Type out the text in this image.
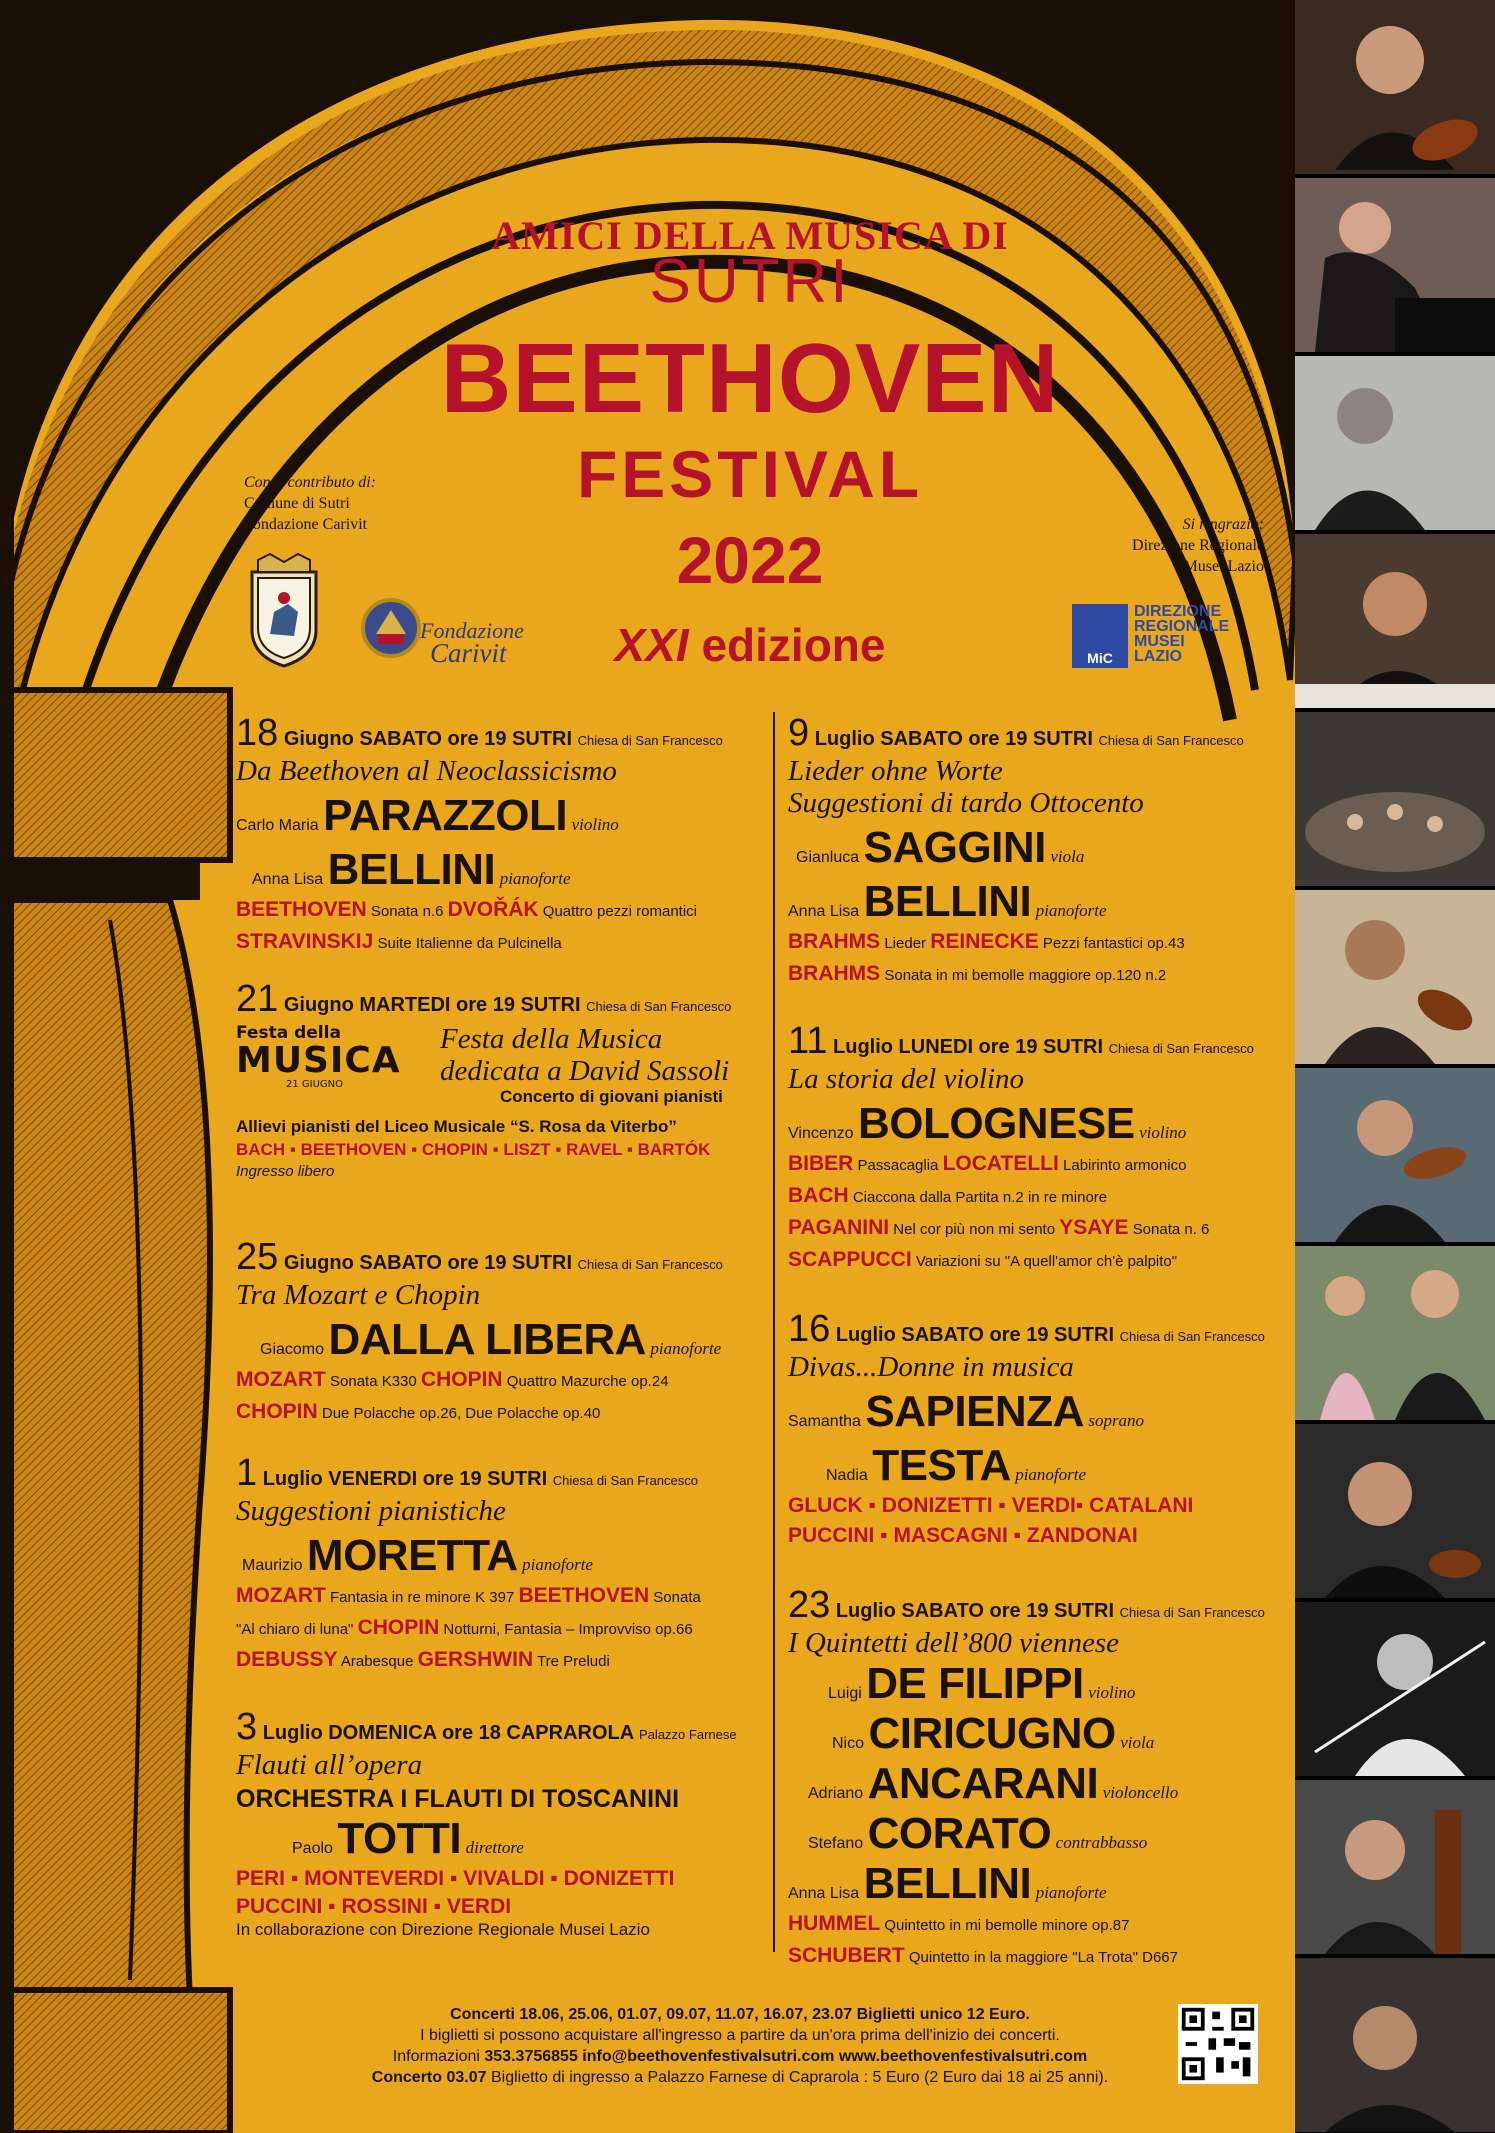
AMICI DELLA MUSICA DI
SUTRI
BEETHOVEN
FESTIVAL
2022
XXI edizione
Con il contributo di:
Comune di Sutri
Fondazione Carivit
Fondazione
Carivit
Si ringrazia:
Direzione Regionale
Musei Lazio
MiC
DIREZIONE
REGIONALE
MUSEI
LAZIO
18 Giugno SABATO ore 19 SUTRI Chiesa di San Francesco
Da Beethoven al Neoclassicismo
Carlo Maria PARAZZOLI violino
Anna Lisa BELLINI pianoforte
BEETHOVEN Sonata n.6 DVOŘÁK Quattro pezzi romantici
STRAVINSKIJ Suite Italienne da Pulcinella
21 Giugno MARTEDI ore 19 SUTRI Chiesa di San Francesco
Festa della
MUSICA
21 GIUGNO
Festa della Musica
dedicata a David Sassoli
Concerto di giovani pianisti
Allievi pianisti del Liceo Musicale “S. Rosa da Viterbo”
BACH ▪ BEETHOVEN ▪ CHOPIN ▪ LISZT ▪ RAVEL ▪ BARTÓK
Ingresso libero
25 Giugno SABATO ore 19 SUTRI Chiesa di San Francesco
Tra Mozart e Chopin
Giacomo DALLA LIBERA pianoforte
MOZART Sonata K330 CHOPIN Quattro Mazurche op.24
CHOPIN Due Polacche op.26, Due Polacche op.40
1 Luglio VENERDI ore 19 SUTRI Chiesa di San Francesco
Suggestioni pianistiche
Maurizio MORETTA pianoforte
MOZART Fantasia in re minore K 397 BEETHOVEN Sonata
"Al chiaro di luna" CHOPIN Notturni, Fantasia – Improvviso op.66
DEBUSSY Arabesque GERSHWIN Tre Preludi
3 Luglio DOMENICA ore 18 CAPRAROLA Palazzo Farnese
Flauti all’opera
ORCHESTRA I FLAUTI DI TOSCANINI
Paolo TOTTI direttore
PERI ▪ MONTEVERDI ▪ VIVALDI ▪ DONIZETTI
PUCCINI ▪ ROSSINI ▪ VERDI
In collaborazione con Direzione Regionale Musei Lazio
9 Luglio SABATO ore 19 SUTRI Chiesa di San Francesco
Lieder ohne Worte
Suggestioni di tardo Ottocento
Gianluca SAGGINI viola
Anna Lisa BELLINI pianoforte
BRAHMS Lieder REINECKE Pezzi fantastici op.43
BRAHMS Sonata in mi bemolle maggiore op.120 n.2
11 Luglio LUNEDI ore 19 SUTRI Chiesa di San Francesco
La storia del violino
Vincenzo BOLOGNESE violino
BIBER Passacaglia LOCATELLI Labirinto armonico
BACH Ciaccona dalla Partita n.2 in re minore
PAGANINI Nel cor più non mi sento YSAYE Sonata n. 6
SCAPPUCCI Variazioni su "A quell'amor ch'è palpito"
16 Luglio SABATO ore 19 SUTRI Chiesa di San Francesco
Divas...Donne in musica
Samantha SAPIENZA soprano
Nadia TESTA pianoforte
GLUCK ▪ DONIZETTI ▪ VERDI▪ CATALANI
PUCCINI ▪ MASCAGNI ▪ ZANDONAI
23 Luglio SABATO ore 19 SUTRI Chiesa di San Francesco
I Quintetti dell’800 viennese
Luigi DE FILIPPI violino
Nico CIRICUGNO viola
Adriano ANCARANI violoncello
Stefano CORATO contrabbasso
Anna Lisa BELLINI pianoforte
HUMMEL Quintetto in mi bemolle minore op.87
SCHUBERT Quintetto in la maggiore "La Trota" D667
Concerti 18.06, 25.06, 01.07, 09.07, 11.07, 16.07, 23.07 Biglietti unico 12 Euro.
I biglietti si possono acquistare all'ingresso a partire da un'ora prima dell'inizio dei concerti.
Informazioni 353.3756855 info@beethovenfestivalsutri.com www.beethovenfestivalsutri.com
Concerto 03.07 Biglietto di ingresso a Palazzo Farnese di Caprarola : 5 Euro (2 Euro dai 18 ai 25 anni).
